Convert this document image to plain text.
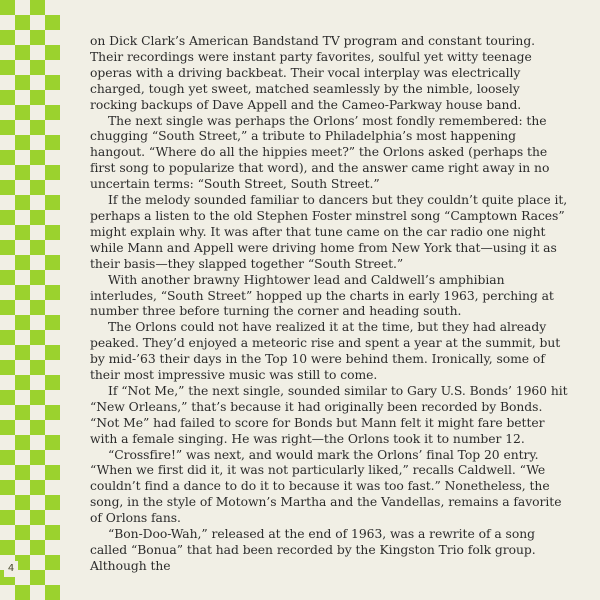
4

on Dick Clark’s American Bandstand TV program and constant touring. Their recordings were instant party favorites, soulful yet witty teenage operas with a driving backbeat. Their vocal interplay was electrically charged, tough yet sweet, matched seamlessly by the nimble, loosely rocking backups of Dave Appell and the Cameo-Parkway house band.

The next single was perhaps the Orlons’ most fondly remembered: the chugging “South Street,” a tribute to Philadelphia’s most happening hangout. “Where do all the hippies meet?” the Orlons asked (perhaps the first song to popularize that word), and the answer came right away in no uncertain terms: “South Street, South Street.”

If the melody sounded familiar to dancers but they couldn’t quite place it, perhaps a listen to the old Stephen Foster minstrel song “Camptown Races” might explain why. It was after that tune came on the car radio one night while Mann and Appell were driving home from New York that—using it as their basis—they slapped together “South Street.”

With another brawny Hightower lead and Caldwell’s amphibian interludes, “South Street” hopped up the charts in early 1963, perching at number three before turning the corner and heading south.

The Orlons could not have realized it at the time, but they had already peaked. They’d enjoyed a meteoric rise and spent a year at the summit, but by mid-’63 their days in the Top 10 were behind them. Ironically, some of their most impressive music was still to come.

If “Not Me,” the next single, sounded similar to Gary U.S. Bonds’ 1960 hit “New Orleans,” that’s because it had originally been recorded by Bonds. “Not Me” had failed to score for Bonds but Mann felt it might fare better with a female singing. He was right—the Orlons took it to number 12.

“Crossfire!” was next, and would mark the Orlons’ final Top 20 entry. “When we first did it, it was not particularly liked,” recalls Caldwell. “We couldn’t find a dance to do it to because it was too fast.” Nonetheless, the song, in the style of Motown’s Martha and the Vandellas, remains a favorite of Orlons fans.

“Bon-Doo-Wah,” released at the end of 1963, was a rewrite of a song called “Bonua” that had been recorded by the Kingston Trio folk group. Although the
